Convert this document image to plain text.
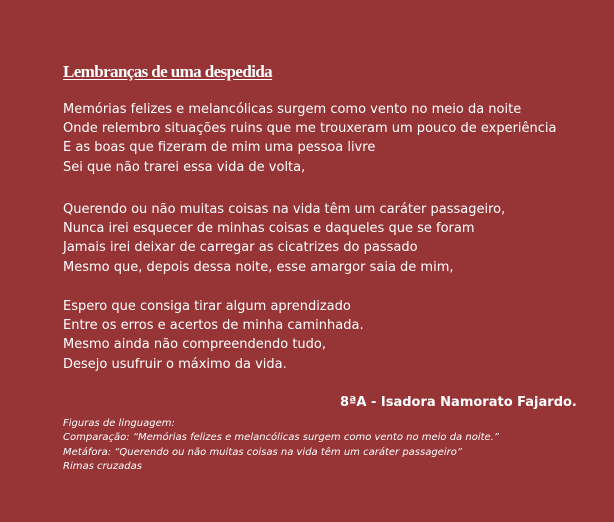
Lembranças de uma despedida
Memórias felizes e melancólicas surgem como vento no meio da noite
Onde relembro situações ruins que me trouxeram um pouco de experiência
E as boas que fizeram de mim uma pessoa livre
Sei que não trarei essa vida de volta,
Querendo ou não muitas coisas na vida têm um caráter passageiro,
Nunca irei esquecer de minhas coisas e daqueles que se foram
Jamais irei deixar de carregar as cicatrizes do passado
Mesmo que, depois dessa noite, esse amargor saia de mim,
Espero que consiga tirar algum aprendizado
Entre os erros e acertos de minha caminhada.
Mesmo ainda não compreendendo tudo,
Desejo usufruir o máximo da vida.
8ªA - Isadora Namorato Fajardo.
Figuras de linguagem:
Comparação: “Memórias felizes e melancólicas surgem como vento no meio da noite.”
Metáfora: “Querendo ou não muitas coisas na vida têm um caráter passageiro”
Rimas cruzadas
